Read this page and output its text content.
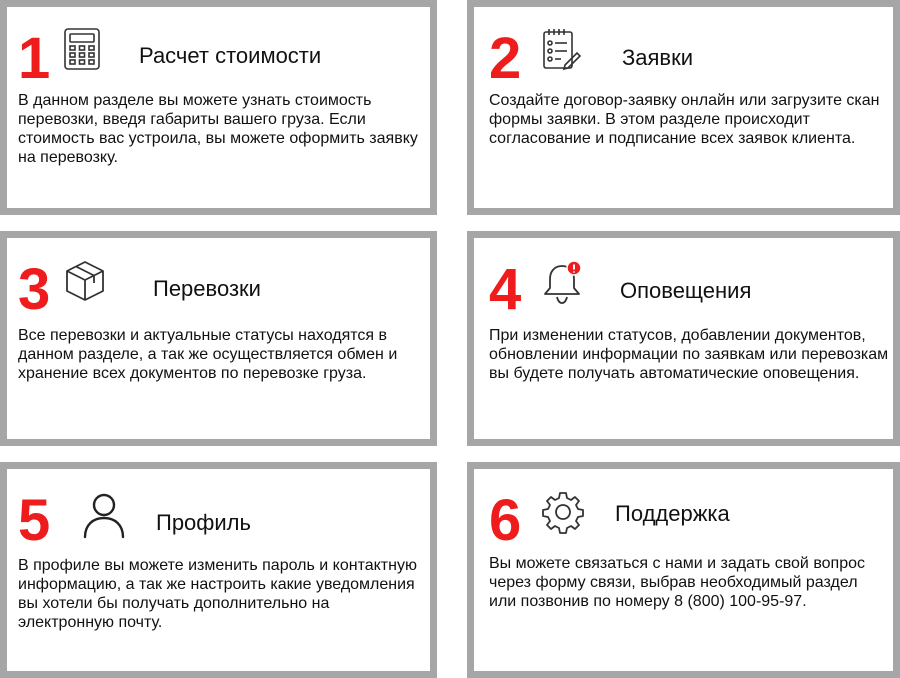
1	Расчет стоимости

В данном разделе вы можете узнать стоимость перевозки, введя габариты вашего груза. Если стоимость вас устроила, вы можете оформить заявку на перевозку.

2	Заявки

Создайте договор-заявку онлайн или загрузите скан формы заявки. В этом разделе происходит согласование и подписание всех заявок клиента.

3	Перевозки

Все перевозки и актуальные статусы находятся в данном разделе, а так же осуществляется обмен и хранение всех документов по перевозке груза.

4	Оповещения

При изменении статусов, добавлении документов, обновлении информации по заявкам или перевозкам вы будете получать автоматические оповещения.

5	Профиль

В профиле вы можете изменить пароль и контактную информацию, а так же настроить какие уведомления вы хотели бы получать дополнительно на электронную почту.

6	Поддержка

Вы можете связаться с нами и задать свой вопрос через форму связи, выбрав необходимый раздел или позвонив по номеру 8 (800) 100-95-97.
